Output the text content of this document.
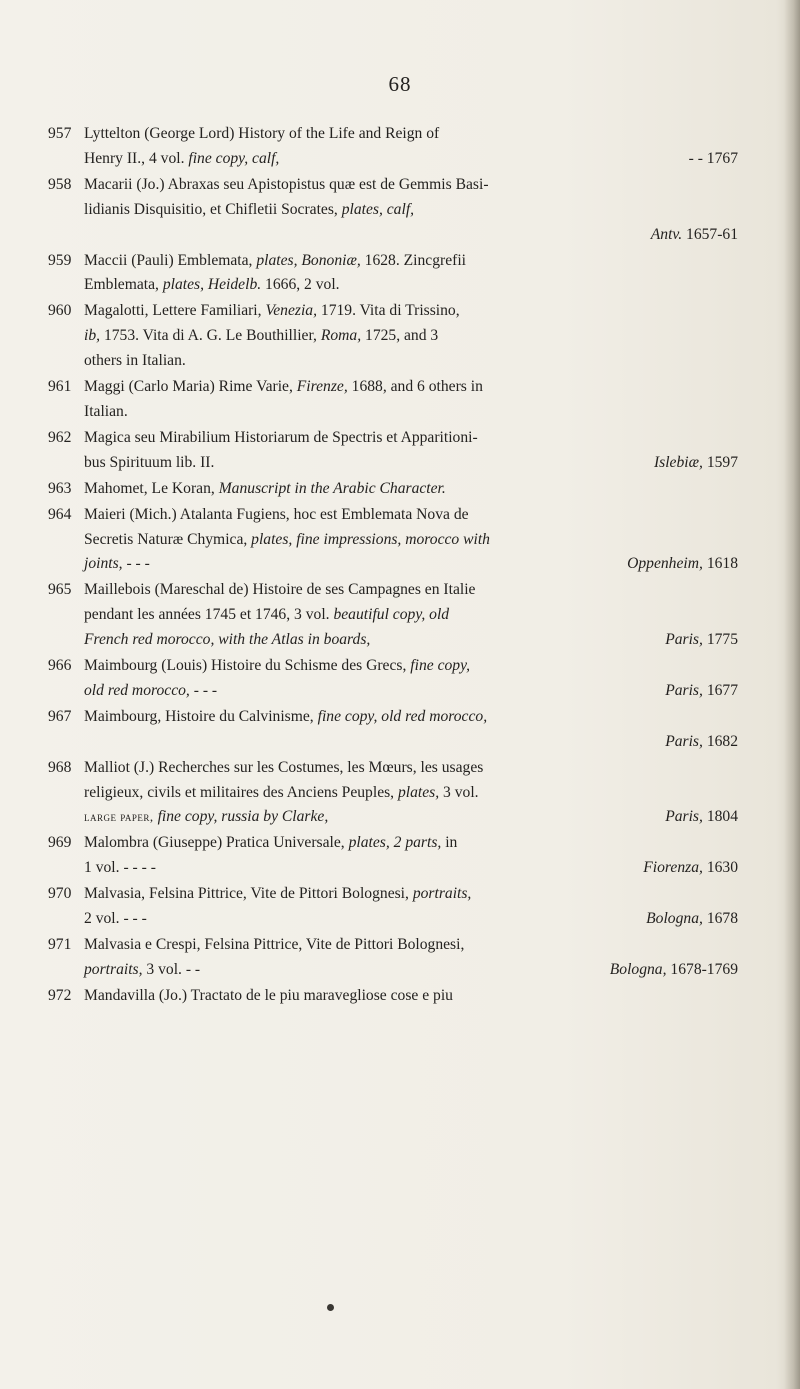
68
957 Lyttelton (George Lord) History of the Life and Reign of
Henry II., 4 vol. fine copy, calf,	- - 1767
958 Macarii (Jo.) Abraxas seu Apistopistus quæ est de Gemmis Basi-
lidianis Disquisitio, et Chifletii Socrates, plates, calf,
Antv. 1657-61
959 Maccii (Pauli) Emblemata, plates, Bononiæ, 1628. Zincgrefii
Emblemata, plates, Heidelb. 1666, 2 vol.
960 Magalotti, Lettere Familiari, Venezia, 1719. Vita di Trissino,
ib, 1753. Vita di A. G. Le Bouthillier, Roma, 1725, and 3
others in Italian.
961 Maggi (Carlo Maria) Rime Varie, Firenze, 1688, and 6 others in
Italian.
962 Magica seu Mirabilium Historiarum de Spectris et Apparitioni-
bus Spirituum lib. II.	Islebiæ, 1597
963 Mahomet, Le Koran, Manuscript in the Arabic Character.
964 Maieri (Mich.) Atalanta Fugiens, hoc est Emblemata Nova de
Secretis Naturæ Chymica, plates, fine impressions, morocco with
joints, - - -	Oppenheim, 1618
965 Maillebois (Mareschal de) Histoire de ses Campagnes en Italie
pendant les années 1745 et 1746, 3 vol. beautiful copy, old
French red morocco, with the Atlas in boards,	Paris, 1775
966 Maimbourg (Louis) Histoire du Schisme des Grecs, fine copy,
old red morocco, - - -	Paris, 1677
967 Maimbourg, Histoire du Calvinisme, fine copy, old red morocco,
Paris, 1682
968 Malliot (J.) Recherches sur les Costumes, les Mœurs, les usages
religieux, civils et militaires des Anciens Peuples, plates, 3 vol.
large paper, fine copy, russia by Clarke,	Paris, 1804
969 Malombra (Giuseppe) Pratica Universale, plates, 2 parts, in
1 vol. - - - -	Fiorenza, 1630
970 Malvasia, Felsina Pittrice, Vite de Pittori Bolognesi, portraits,
2 vol. - - -	Bologna, 1678
971 Malvasia e Crespi, Felsina Pittrice, Vite de Pittori Bolognesi,
portraits, 3 vol. - -	Bologna, 1678-1769
972 Mandavilla (Jo.) Tractato de le piu maravegliose cose e piu
